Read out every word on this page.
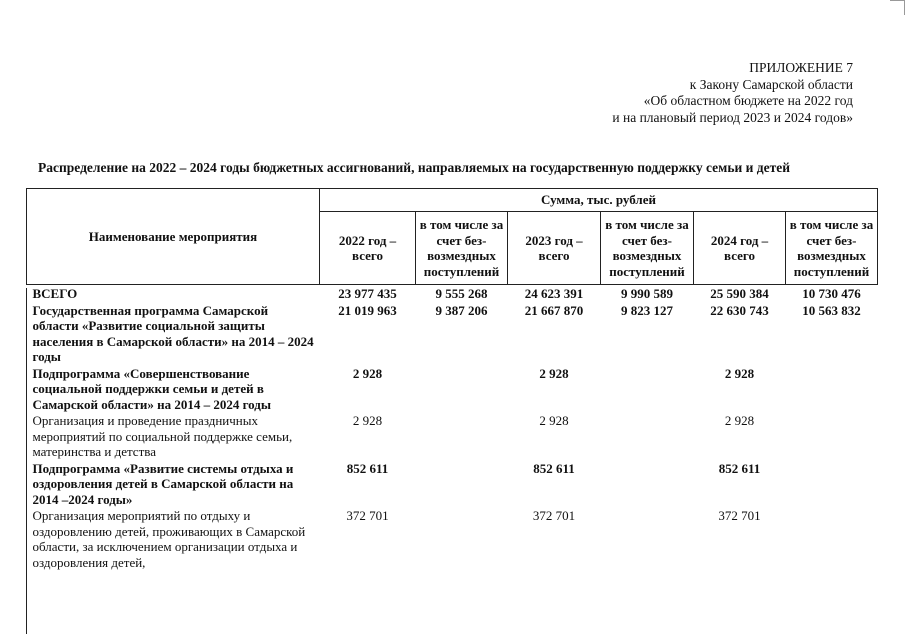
ПРИЛОЖЕНИЕ 7
к Закону Самарской области
«Об областном бюджете на 2022 год
и на плановый период 2023 и 2024 годов»
Распределение на 2022 – 2024 годы бюджетных ассигнований, направляемых на государственную поддержку семьи и детей
Наименование мероприятия	Сумма, тыс. рублей					
	2022 год – всего	в том числе за счет без-возмездных поступлений	2023 год – всего	в том числе за счет без-возмездных поступлений	2024 год – всего	в том числе за счет без-возмездных поступлений
ВСЕГО	23 977 435	9 555 268	24 623 391	9 990 589	25 590 384	10 730 476
Государственная программа Самарской области «Развитие социальной защиты населения в Самарской области» на 2014 – 2024 годы	21 019 963	9 387 206	21 667 870	9 823 127	22 630 743	10 563 832
Подпрограмма «Совершенствование социальной поддержки семьи и детей в Самарской области» на 2014 – 2024 годы	2 928		2 928		2 928	
Организация и проведение праздничных мероприятий по социальной поддержке семьи, материнства и детства	2 928		2 928		2 928	
Подпрограмма «Развитие системы отдыха и оздоровления детей в Самарской области на 2014 –2024 годы»	852 611		852 611		852 611	
Организация мероприятий по отдыху и оздоровлению детей, проживающих в Самарской области, за исключением организации отдыха и оздоровления детей,	372 701		372 701		372 701	
